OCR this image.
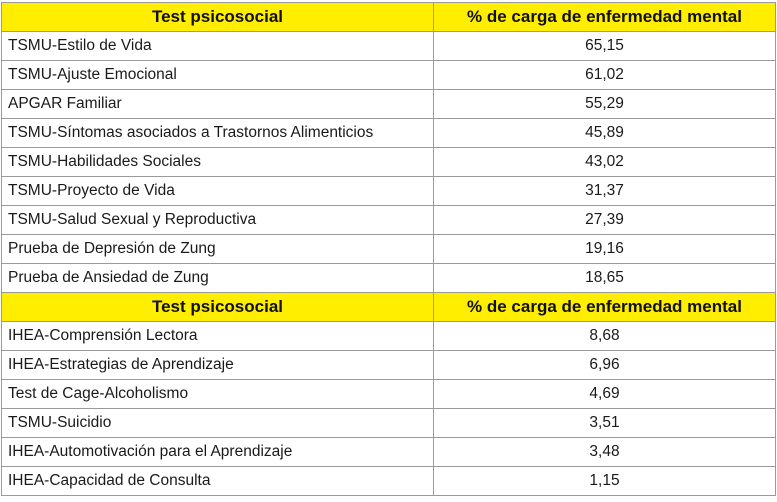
Test psicosocial	% de carga de enfermedad mental
TSMU-Estilo de Vida	65,15
TSMU-Ajuste Emocional	61,02
APGAR Familiar	55,29
TSMU-Síntomas asociados a Trastornos Alimenticios	45,89
TSMU-Habilidades Sociales	43,02
TSMU-Proyecto de Vida	31,37
TSMU-Salud Sexual y Reproductiva	27,39
Prueba de Depresión de Zung	19,16
Prueba de Ansiedad de Zung	18,65
Test psicosocial	% de carga de enfermedad mental
IHEA-Comprensión Lectora	8,68
IHEA-Estrategias de Aprendizaje	6,96
Test de Cage-Alcoholismo	4,69
TSMU-Suicidio	3,51
IHEA-Automotivación para el Aprendizaje	3,48
IHEA-Capacidad de Consulta	1,15
